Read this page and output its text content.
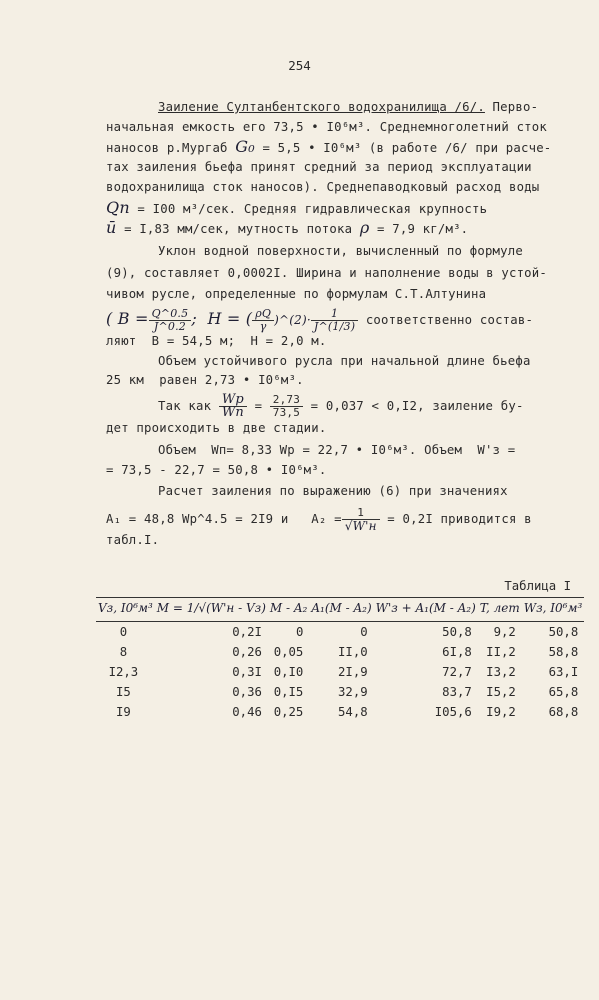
254
Заиление Султанбентского водохранилища /6/. Перво-
начальная емкость его 73,5 • I0⁶м³. Среднемноголетний сток
наносов р.Мургаб G₀ = 5,5 • I0⁶м³ (в работе /6/ при расче-
тах заиления бьефа принят средний за период эксплуатации
водохранилища сток наносов). Среднепаводковый расход воды
Qп = I00 м³/сек. Средняя гидравлическая крупность
ū = I,83 мм/сек, мутность потока ρ = 7,9 кг/м³.
Уклон водной поверхности, вычисленный по формуле
(9), составляет 0,0002I. Ширина и наполнение воды в устой-
чивом русле, определенные по формулам С.Т.Алтунина
( $B = \frac{Q\^{}0.5}{J\^{}0.2}$ ;  H = ( $\frac{\rho Q}{\gamma}$ )^(2)· $\frac{1}{J\^{}(1/3)}$ соответственно состав-
ляют  B = 54,5 м;  H = 2,0 м.
Объем устойчивого русла при начальной длине бьефа
25 км  равен 2,73 • I0⁶м³.
Так как $\frac{Wp}{Wп} = \frac{2,73}{73,5} = 0,037 < 0,I2$, заиление бу-
дет происходить в две стадии.
Объем  Wп= 8,33 Wp = 22,7 • I0⁶м³. Объем  W'з =
= 73,5 - 22,7 = 50,8 • I0⁶м³.
Расчет заиления по выражению (6) при значениях
A₁ = 48,8 Wp^4.5 = 2I9 и   $A_2 = \frac{1}{√W'н} = 0,2I$ приводится в
табл.I.
Таблица I
Vз, I0⁶м³	M = 1/√(W'н - Vз)	M - A₂	A₁(M - A₂)	W'з + A₁(M - A₂)	T, лет	Wз, I0⁶м³
0	0,2I	0	0	50,8	9,2	50,8
8	0,26	0,05	II,0	6I,8	II,2	58,8
I2,3	0,3I	0,I0	2I,9	72,7	I3,2	63,I
I5	0,36	0,I5	32,9	83,7	I5,2	65,8
I9	0,46	0,25	54,8	I05,6	I9,2	68,8
